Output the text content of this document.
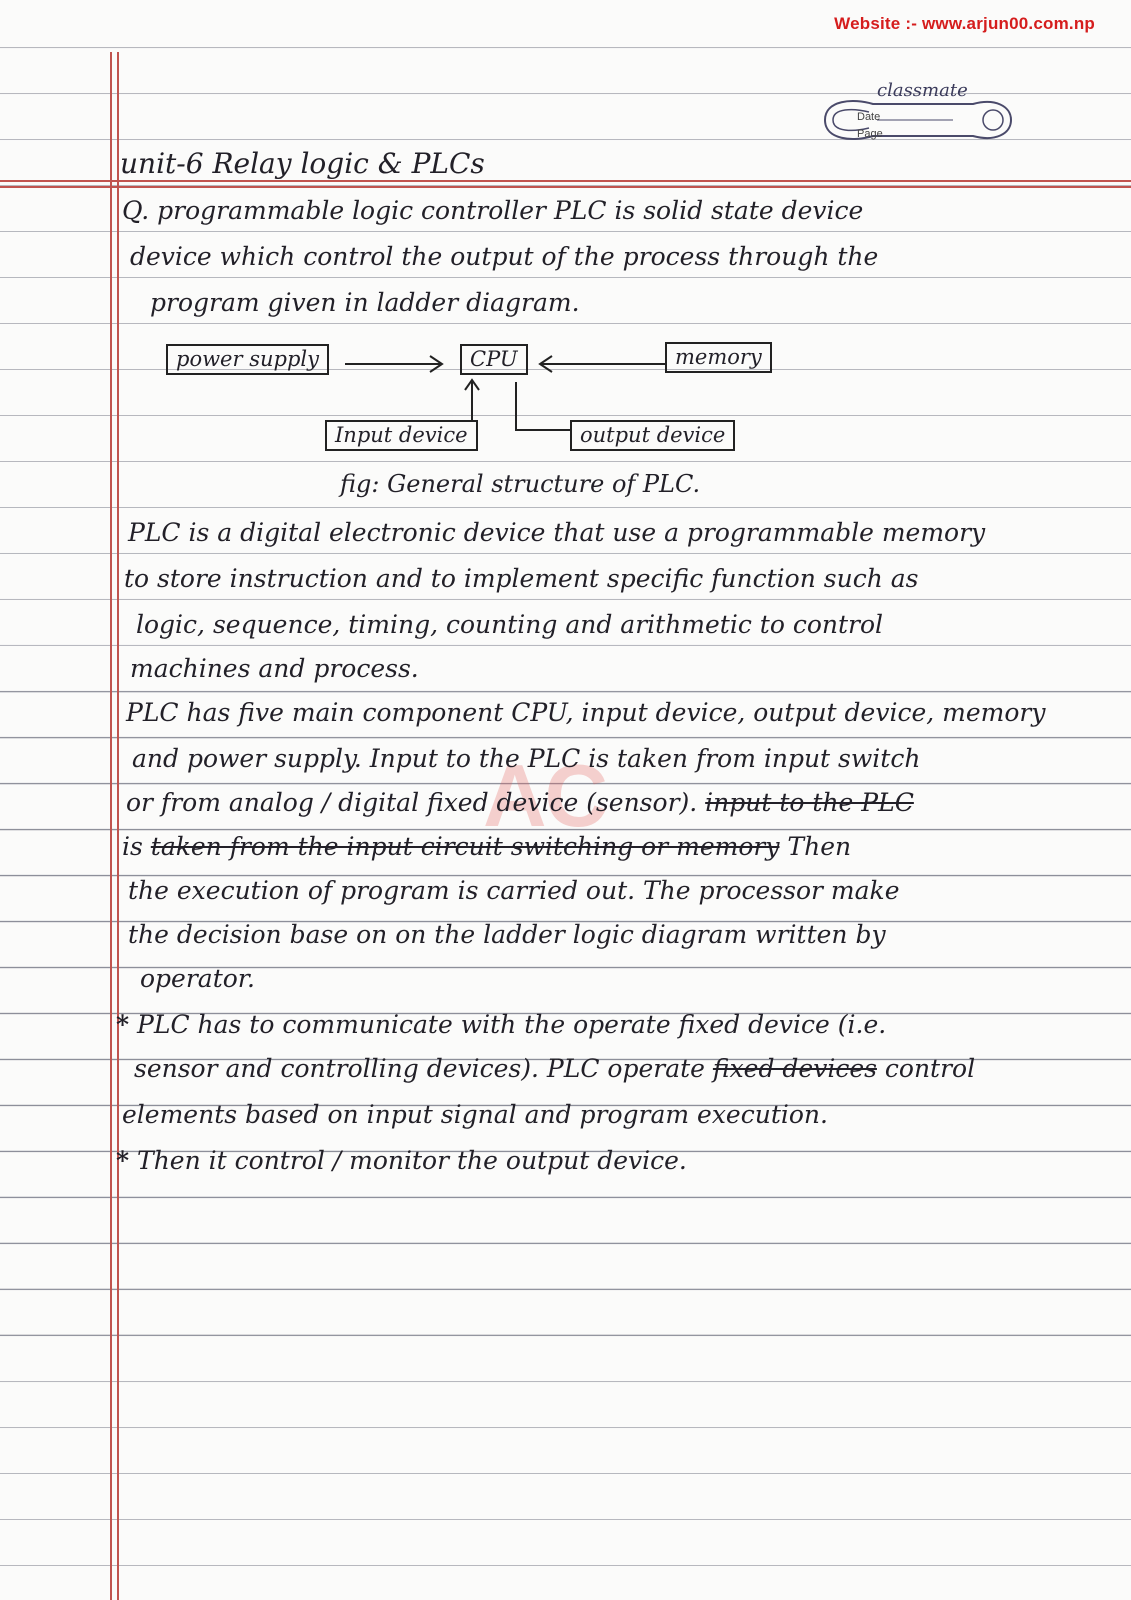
Website :- www.arjun00.com.np
classmate
Date
Page

unit-6 Relay logic & PLCs

Q. programmable logic controller PLC is solid state device

device which control the output of the process through the

program given in ladder diagram.

power supply	CPU	memory
Input device	output device

fig: General structure of PLC.

AC

PLC is a digital electronic device that use a programmable memory

to store instruction and to implement specific function such as

logic, sequence, timing, counting and arithmetic to control

machines and process.

PLC has five main component CPU, input device, output device, memory

and power supply. Input to the PLC is taken from input switch

or from analog / digital fixed device (sensor). input to the PLC

is taken from the input circuit switching or memory Then

the execution of program is carried out. The processor make

the decision base on on the ladder logic diagram written by

operator.

* PLC has to communicate with the operate fixed device (i.e.

sensor and controlling devices). PLC operate fixed devices control

elements based on input signal and program execution.

* Then it control / monitor the output device.
